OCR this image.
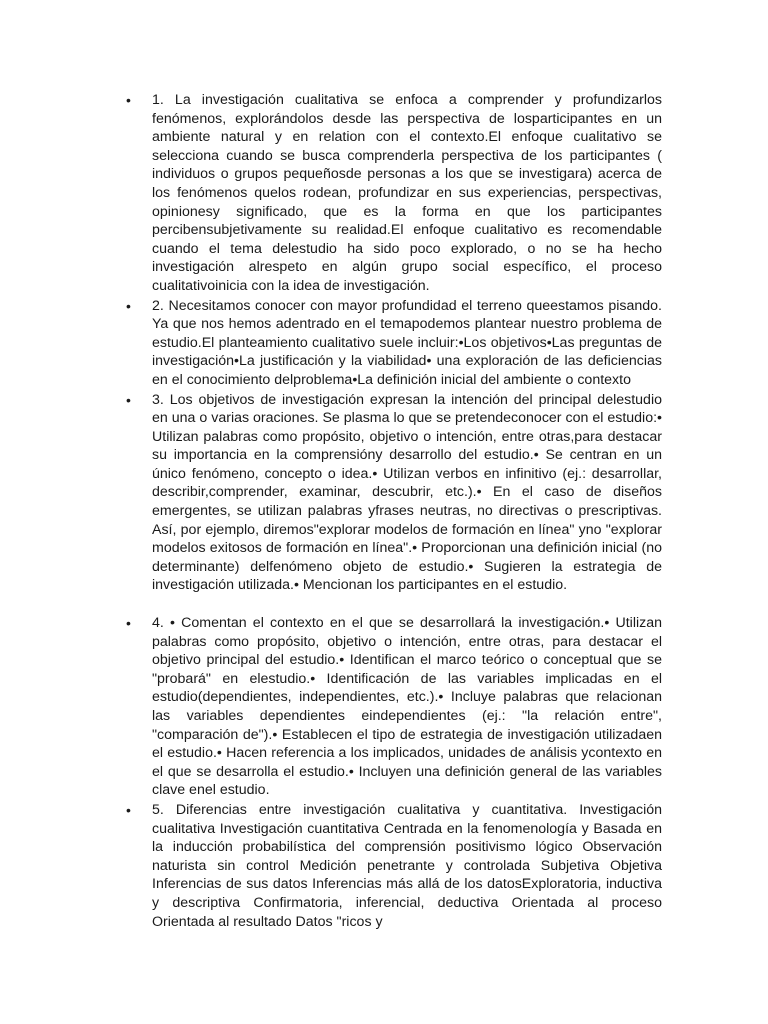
• 1. La investigación cualitativa se enfoca a comprender y profundizarlos fenómenos, explorándolos desde las perspectiva de losparticipantes en un ambiente natural y en relation con el contexto.El enfoque cualitativo se selecciona cuando se busca comprenderla perspectiva de los participantes ( individuos o grupos pequeñosde personas a los que se investigara) acerca de los fenómenos quelos rodean, profundizar en sus experiencias, perspectivas, opinionesy significado, que es la forma en que los participantes percibensubjetivamente su realidad.El enfoque cualitativo es recomendable cuando el tema delestudio ha sido poco explorado, o no se ha hecho investigación alrespeto en algún grupo social específico, el proceso cualitativoinicia con la idea de investigación.
• 2. Necesitamos conocer con mayor profundidad el terreno queestamos pisando. Ya que nos hemos adentrado en el temapodemos plantear nuestro problema de estudio.El planteamiento cualitativo suele incluir:•Los objetivos•Las preguntas de investigación•La justificación y la viabilidad• una exploración de las deficiencias en el conocimiento delproblema•La definición inicial del ambiente o contexto
• 3. Los objetivos de investigación expresan la intención del principal delestudio en una o varias oraciones. Se plasma lo que se pretendeconocer con el estudio:• Utilizan palabras como propósito, objetivo o intención, entre otras,para destacar su importancia en la comprensióny desarrollo del estudio.• Se centran en un único fenómeno, concepto o idea.• Utilizan verbos en infinitivo (ej.: desarrollar, describir,comprender, examinar, descubrir, etc.).• En el caso de diseños emergentes, se utilizan palabras yfrases neutras, no directivas o prescriptivas. Así, por ejemplo, diremos"explorar modelos de formación en línea" yno "explorar modelos exitosos de formación en línea".• Proporcionan una definición inicial (no determinante) delfenómeno objeto de estudio.• Sugieren la estrategia de investigación utilizada.• Mencionan los participantes en el estudio.
• 4. • Comentan el contexto en el que se desarrollará la investigación.• Utilizan palabras como propósito, objetivo o intención, entre otras, para destacar el objetivo principal del estudio.• Identifican el marco teórico o conceptual que se "probará" en elestudio.• Identificación de las variables implicadas en el estudio(dependientes, independientes, etc.).• Incluye palabras que relacionan las variables dependientes eindependientes (ej.: "la relación entre", "comparación de").• Establecen el tipo de estrategia de investigación utilizadaen el estudio.• Hacen referencia a los implicados, unidades de análisis ycontexto en el que se desarrolla el estudio.• Incluyen una definición general de las variables clave enel estudio.
• 5. Diferencias entre investigación cualitativa y cuantitativa. Investigación cualitativa Investigación cuantitativa Centrada en la fenomenología y Basada en la inducción probabilística del comprensión positivismo lógico Observación naturista sin control Medición penetrante y controlada Subjetiva Objetiva Inferencias de sus datos Inferencias más allá de los datosExploratoria, inductiva y descriptiva Confirmatoria, inferencial, deductiva Orientada al proceso Orientada al resultado Datos "ricos y
